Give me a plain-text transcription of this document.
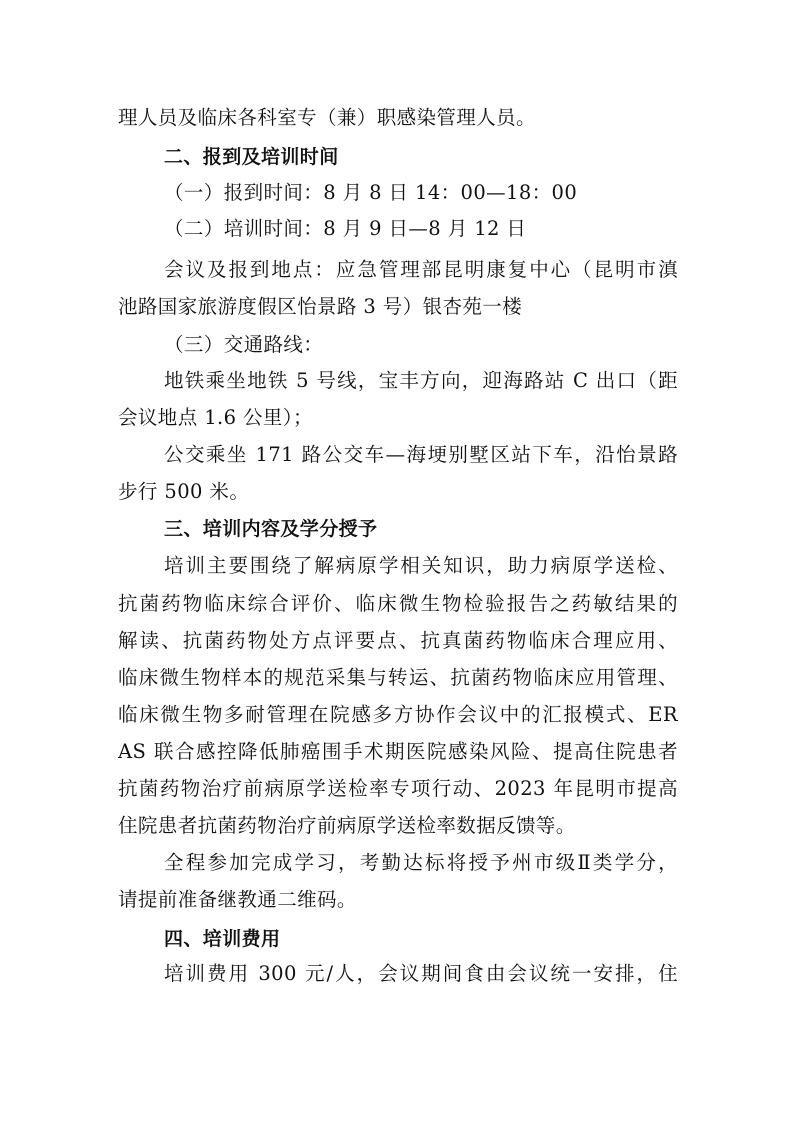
理人员及临床各科室专（兼）职感染管理人员。
二、报到及培训时间
（一）报到时间：8 月 8 日 14：00—18：00
（二）培训时间：8 月 9 日—8 月 12 日
会议及报到地点：应急管理部昆明康复中心（昆明市滇
池路国家旅游度假区怡景路 3 号）银杏苑一楼
（三）交通路线：
地铁乘坐地铁 5 号线，宝丰方向，迎海路站 C 出口（距
会议地点 1.6 公里）；
公交乘坐 171 路公交车—海埂别墅区站下车，沿怡景路
步行 500 米。
三、培训内容及学分授予
培训主要围绕了解病原学相关知识，助力病原学送检、
抗菌药物临床综合评价、临床微生物检验报告之药敏结果的
解读、抗菌药物处方点评要点、抗真菌药物临床合理应用、
临床微生物样本的规范采集与转运、抗菌药物临床应用管理、
临床微生物多耐管理在院感多方协作会议中的汇报模式、ER
AS 联合感控降低肺癌围手术期医院感染风险、提高住院患者
抗菌药物治疗前病原学送检率专项行动、2023 年昆明市提高
住院患者抗菌药物治疗前病原学送检率数据反馈等。
全程参加完成学习，考勤达标将授予州市级Ⅱ类学分，
请提前准备继教通二维码。
四、培训费用
培训费用 300 元/人，会议期间食由会议统一安排，住
